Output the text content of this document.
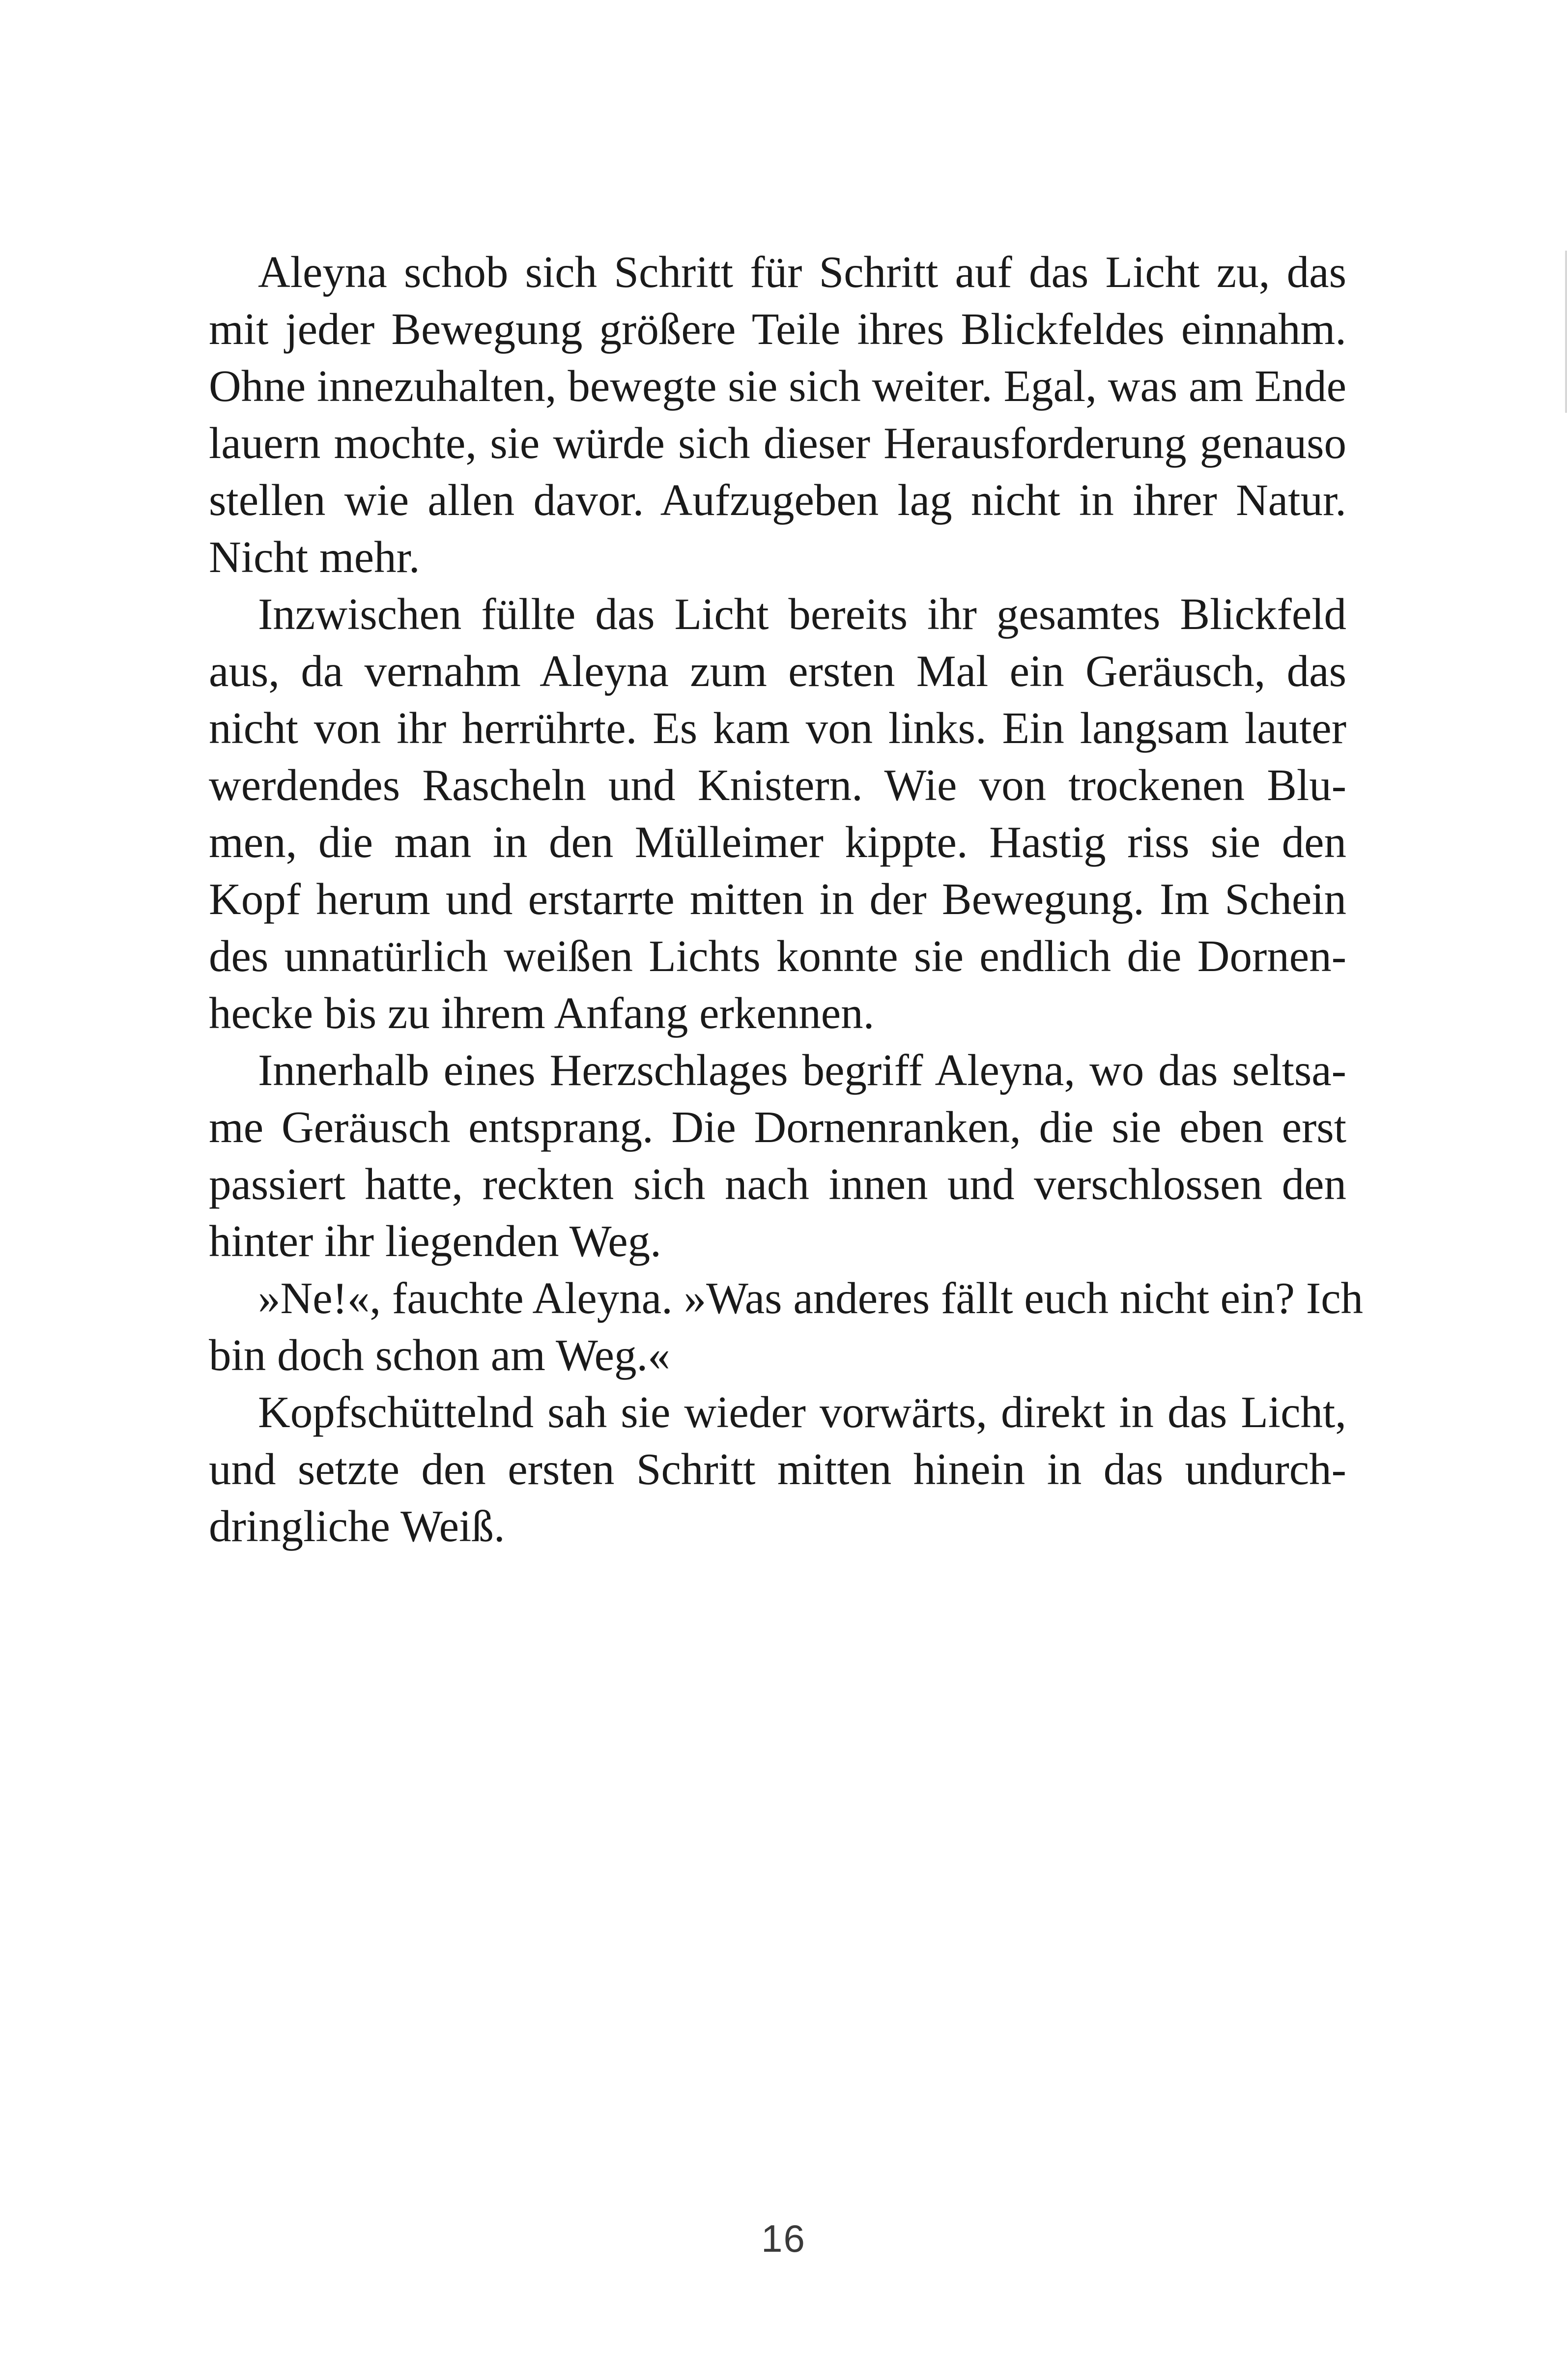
Aleyna schob sich Schritt für Schritt auf das Licht zu, das
mit jeder Bewegung größere Teile ihres Blickfeldes einnahm.
Ohne innezuhalten, bewegte sie sich weiter. Egal, was am Ende
lauern mochte, sie würde sich dieser Herausforderung genauso
stellen wie allen davor. Aufzugeben lag nicht in ihrer Natur.
Nicht mehr.
Inzwischen füllte das Licht bereits ihr gesamtes Blickfeld
aus, da vernahm Aleyna zum ersten Mal ein Geräusch, das
nicht von ihr herrührte. Es kam von links. Ein langsam lauter
werdendes Rascheln und Knistern. Wie von trockenen Blu-
men, die man in den Mülleimer kippte. Hastig riss sie den
Kopf herum und erstarrte mitten in der Bewegung. Im Schein
des unnatürlich weißen Lichts konnte sie endlich die Dornen-
hecke bis zu ihrem Anfang erkennen.
Innerhalb eines Herzschlages begriff Aleyna, wo das seltsa-
me Geräusch entsprang. Die Dornenranken, die sie eben erst
passiert hatte, reckten sich nach innen und verschlossen den
hinter ihr liegenden Weg.
»Ne!«, fauchte Aleyna. »Was anderes fällt euch nicht ein? Ich
bin doch schon am Weg.«
Kopfschüttelnd sah sie wieder vorwärts, direkt in das Licht,
und setzte den ersten Schritt mitten hinein in das undurch-
dringliche Weiß.
16
